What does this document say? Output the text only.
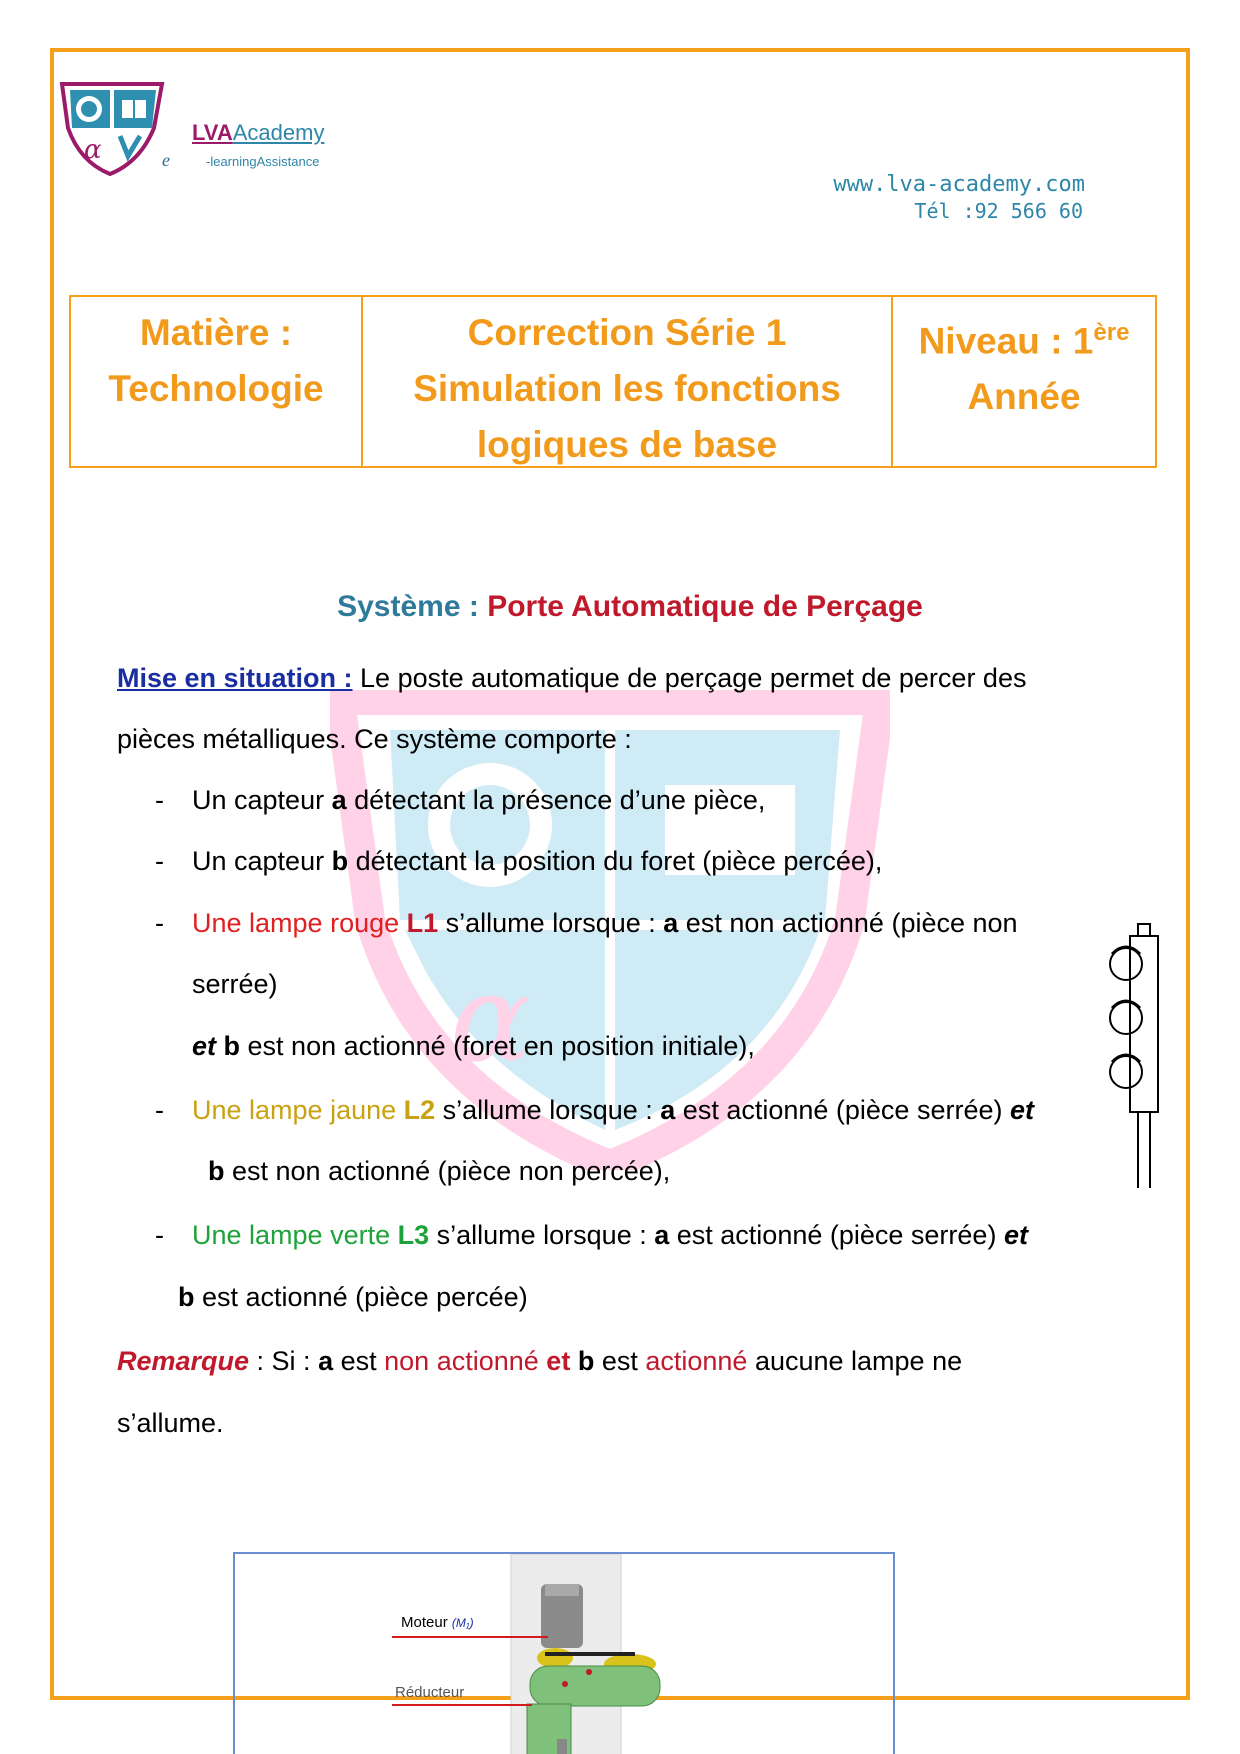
α
LVAAcademy
e	-learningAssistance
www.lva-academy.com
Tél :92 566 60
Matière :
Technologie
Correction Série 1
Simulation les fonctions
logiques de base
Niveau : 1ère
Année
α
Système : Porte Automatique de Perçage
Mise en situation : Le poste automatique de perçage permet de percer des
pièces métalliques. Ce système comporte :
- Un capteur a détectant la présence d’une pièce,
- Un capteur b détectant la position du foret (pièce percée),
- Une lampe rouge L1 s’allume lorsque : a est non actionné (pièce non
serrée)
et b est non actionné (foret en position initiale),
- Une lampe jaune L2 s’allume lorsque : a est actionné (pièce serrée) et
b est non actionné (pièce non percée),
- Une lampe verte L3 s’allume lorsque : a est actionné (pièce serrée) et
b est actionné (pièce percée)
Remarque : Si : a est non actionné et b est actionné aucune lampe ne
s’allume.
Moteur (M₁)
Réducteur
